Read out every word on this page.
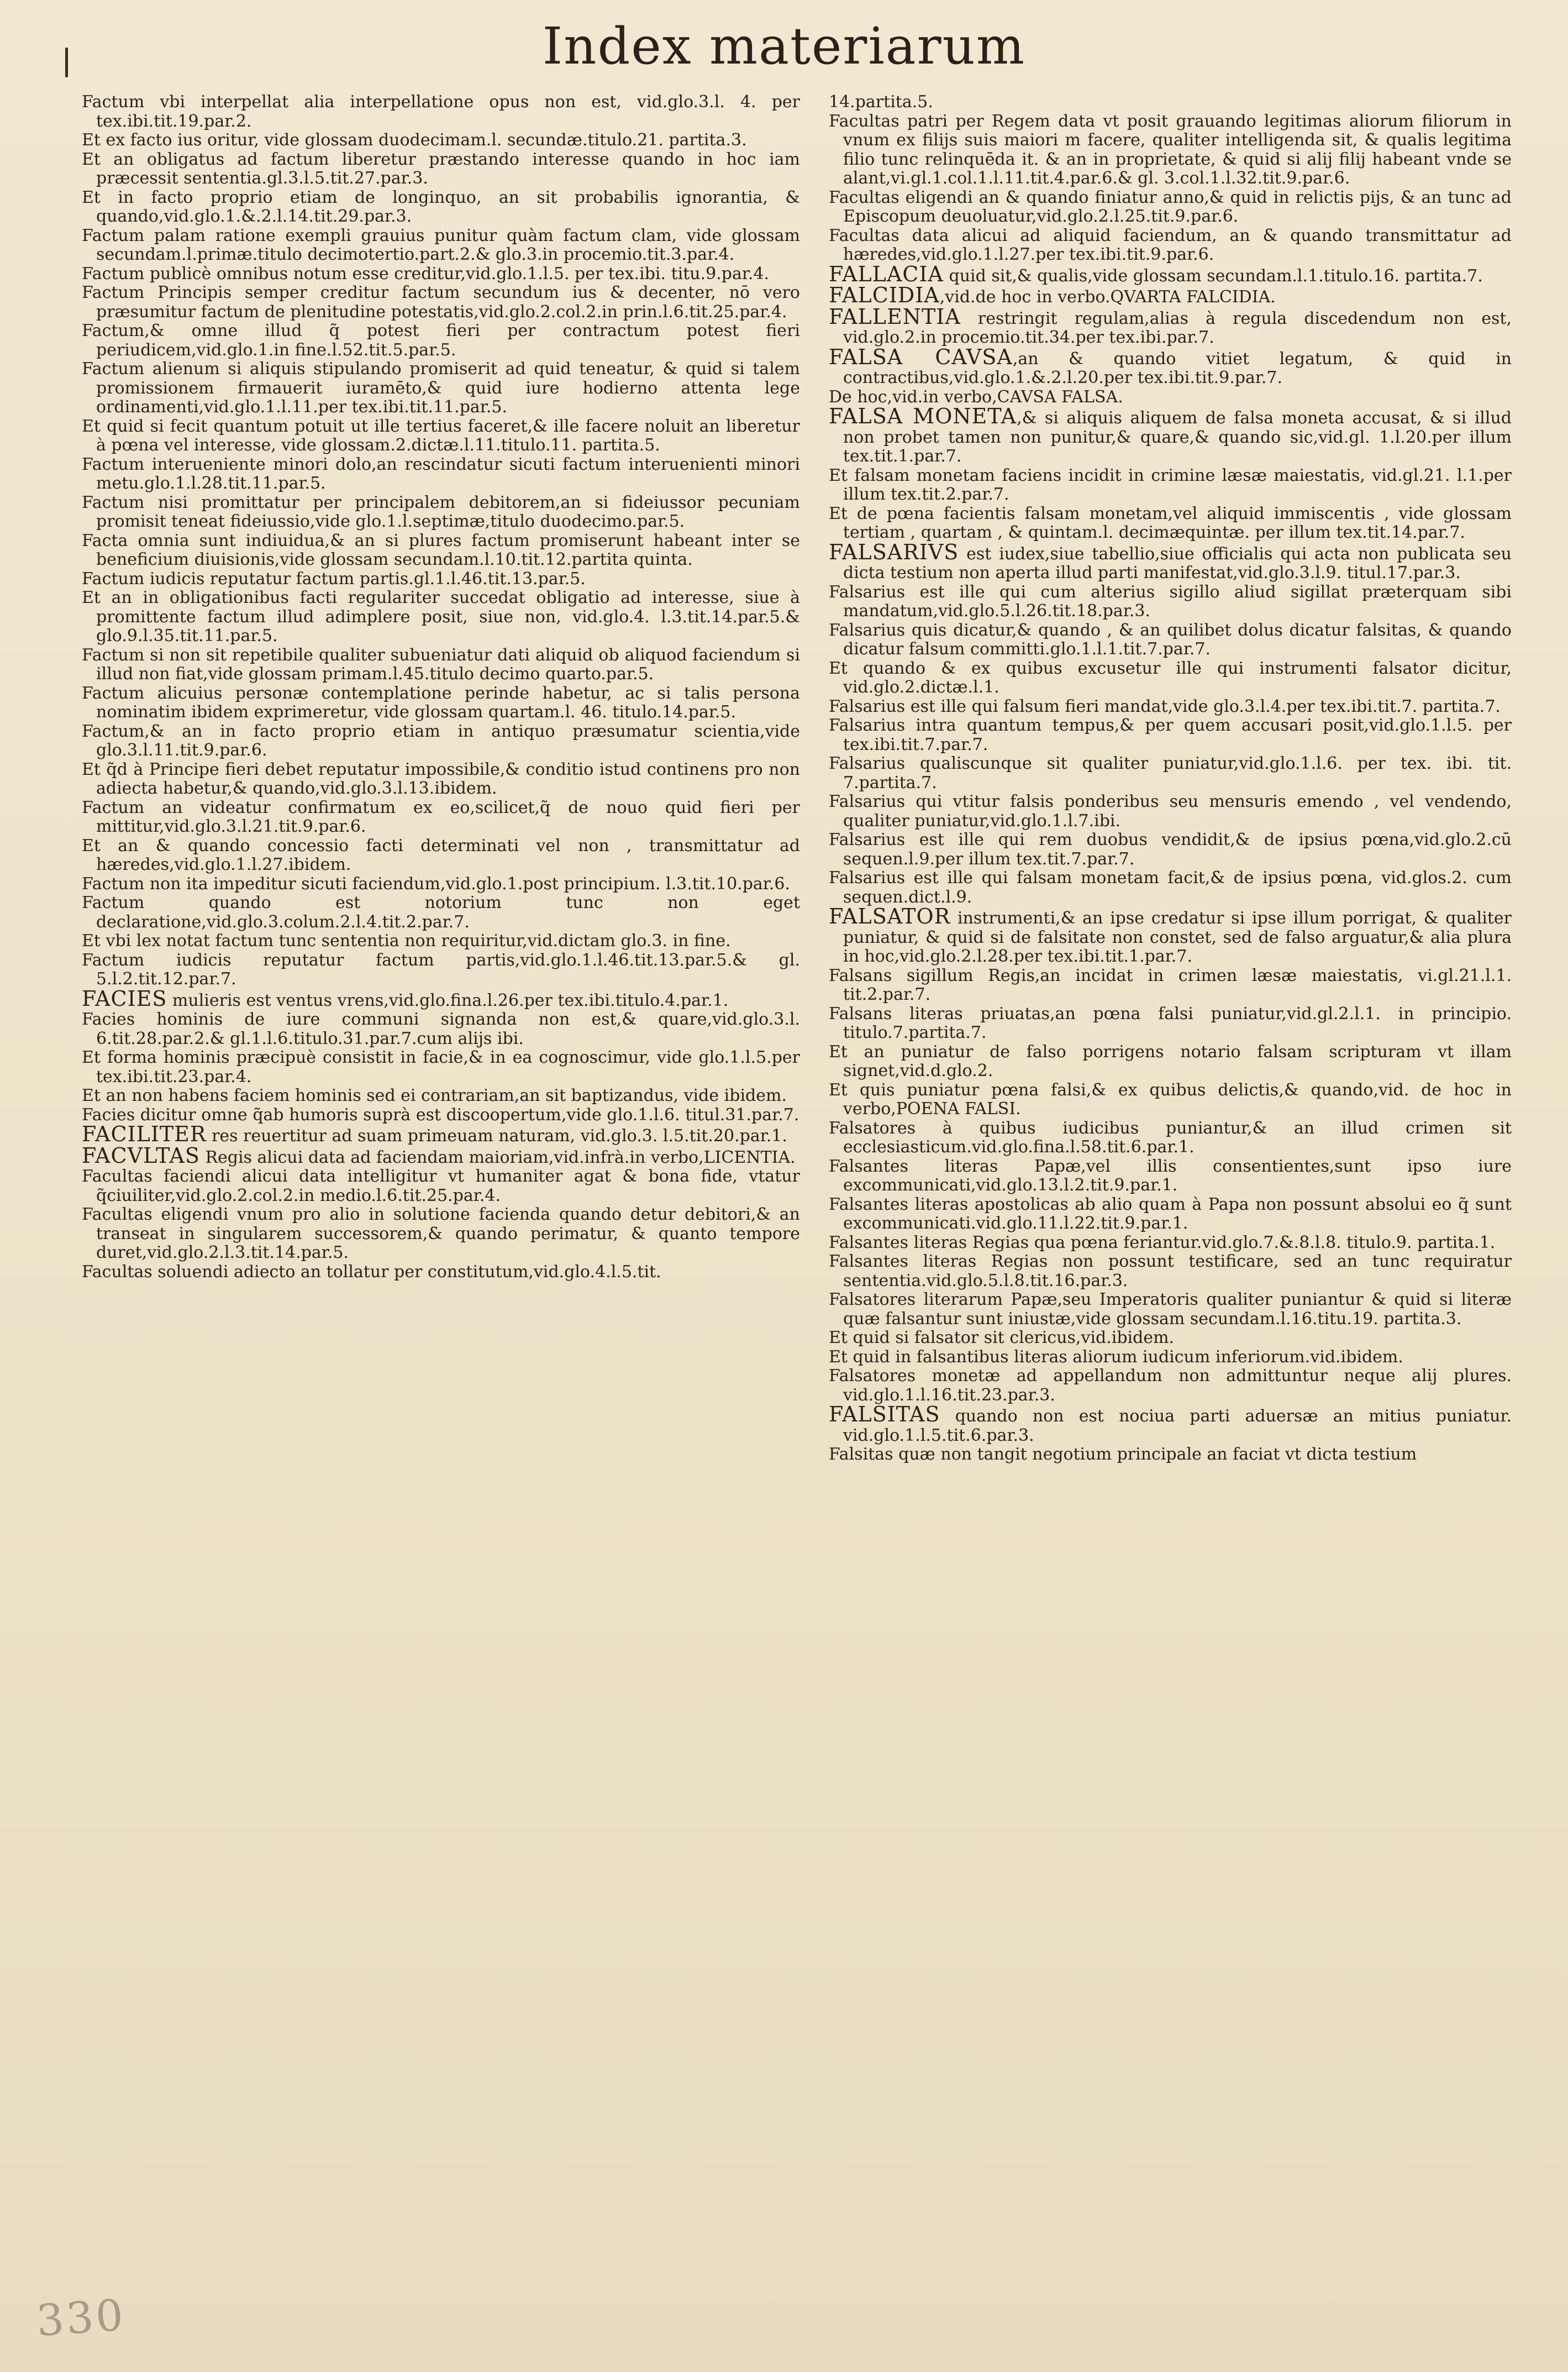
Index materiarum

Factum vbi interpellat alia interpellatione opus non est, vid.glo.3.l. 4. per tex.ibi.tit.19.par.2.

Et ex facto ius oritur, vide glossam duodecimam.l. secundæ.titulo.21. partita.3.

Et an obligatus ad factum liberetur præstando interesse quando in hoc iam præcessit sententia.gl.3.l.5.tit.27.par.3.

Et in facto proprio etiam de longinquo, an sit probabilis ignorantia, & quando,vid.glo.1.&.2.l.14.tit.29.par.3.

Factum palam ratione exempli grauius punitur quàm factum clam, vide glossam secundam.l.primæ.titulo decimotertio.part.2.& glo.3.in procemio.tit.3.par.4.

Factum publicè omnibus notum esse creditur,vid.glo.1.l.5. per tex.ibi. titu.9.par.4.

Factum Principis semper creditur factum secundum ius & decenter, nō vero præsumitur factum de plenitudine potestatis,vid.glo.2.col.2.in prin.l.6.tit.25.par.4.

Factum,& omne illud q̃ potest fieri per contractum potest fieri periudicem,vid.glo.1.in fine.l.52.tit.5.par.5.

Factum alienum si aliquis stipulando promiserit ad quid teneatur, & quid si talem promissionem firmauerit iuramēto,& quid iure hodierno attenta lege ordinamenti,vid.glo.1.l.11.per tex.ibi.tit.11.par.5.

Et quid si fecit quantum potuit ut ille tertius faceret,& ille facere noluit an liberetur à pœna vel interesse, vide glossam.2.dictæ.l.11.titulo.11. partita.5.

Factum interueniente minori dolo,an rescindatur sicuti factum interuenienti minori metu.glo.1.l.28.tit.11.par.5.

Factum nisi promittatur per principalem debitorem,an si fideiussor pecuniam promisit teneat fideiussio,vide glo.1.l.septimæ,titulo duodecimo.par.5.

Facta omnia sunt indiuidua,& an si plures factum promiserunt habeant inter se beneficium diuisionis,vide glossam secundam.l.10.tit.12.partita quinta.

Factum iudicis reputatur factum partis.gl.1.l.46.tit.13.par.5.

Et an in obligationibus facti regulariter succedat obligatio ad interesse, siue à promittente factum illud adimplere posit, siue non, vid.glo.4. l.3.tit.14.par.5.& glo.9.l.35.tit.11.par.5.

Factum si non sit repetibile qualiter subueniatur dati aliquid ob aliquod faciendum si illud non fiat,vide glossam primam.l.45.titulo decimo quarto.par.5.

Factum alicuius personæ contemplatione perinde habetur, ac si talis persona nominatim ibidem exprimeretur, vide glossam quartam.l. 46. titulo.14.par.5.

Factum,& an in facto proprio etiam in antiquo præsumatur scientia,vide glo.3.l.11.tit.9.par.6.

Et q̃d à Principe fieri debet reputatur impossibile,& conditio istud continens pro non adiecta habetur,& quando,vid.glo.3.l.13.ibidem.

Factum an videatur confirmatum ex eo,scilicet,q̃ de nouo quid fieri per mittitur,vid.glo.3.l.21.tit.9.par.6.

Et an & quando concessio facti determinati vel non , transmittatur ad hæredes,vid.glo.1.l.27.ibidem.

Factum non ita impeditur sicuti faciendum,vid.glo.1.post principium. l.3.tit.10.par.6.

Factum quando est notorium tunc non eget declaratione,vid.glo.3.colum.2.l.4.tit.2.par.7.

Et vbi lex notat factum tunc sententia non requiritur,vid.dictam glo.3. in fine.

Factum iudicis reputatur factum partis,vid.glo.1.l.46.tit.13.par.5.& gl. 5.l.2.tit.12.par.7.

FACIES mulieris est ventus vrens,vid.glo.fina.l.26.per tex.ibi.titulo.4.par.1.

Facies hominis de iure communi signanda non est,& quare,vid.glo.3.l. 6.tit.28.par.2.& gl.1.l.6.titulo.31.par.7.cum alijs ibi.

Et forma hominis præcipuè consistit in facie,& in ea cognoscimur, vide glo.1.l.5.per tex.ibi.tit.23.par.4.

Et an non habens faciem hominis sed ei contrariam,an sit baptizandus, vide ibidem.

Facies dicitur omne q̃ab humoris suprà est discoopertum,vide glo.1.l.6. titul.31.par.7.

FACILITER res reuertitur ad suam primeuam naturam, vid.glo.3. l.5.tit.20.par.1.

FACVLTAS Regis alicui data ad faciendam maioriam,vid.infrà.in verbo,LICENTIA.

Facultas faciendi alicui data intelligitur vt humaniter agat & bona fide, vtatur q̃ciuiliter,vid.glo.2.col.2.in medio.l.6.tit.25.par.4.

Facultas eligendi vnum pro alio in solutione facienda quando detur debitori,& an transeat in singularem successorem,& quando perimatur, & quanto tempore duret,vid.glo.2.l.3.tit.14.par.5.

Facultas soluendi adiecto an tollatur per constitutum,vid.glo.4.l.5.tit.

14.partita.5.

Facultas patri per Regem data vt posit grauando legitimas aliorum filiorum in vnum ex filijs suis maiori m facere, qualiter intelligenda sit, & qualis legitima filio tunc relinquēda it. & an in proprietate, & quid si alij filij habeant vnde se alant,vi.gl.1.col.1.l.11.tit.4.par.6.& gl. 3.col.1.l.32.tit.9.par.6.

Facultas eligendi an & quando finiatur anno,& quid in relictis pijs, & an tunc ad Episcopum deuoluatur,vid.glo.2.l.25.tit.9.par.6.

Facultas data alicui ad aliquid faciendum, an & quando transmittatur ad hæredes,vid.glo.1.l.27.per tex.ibi.tit.9.par.6.

FALLACIA quid sit,& qualis,vide glossam secundam.l.1.titulo.16. partita.7.

FALCIDIA,vid.de hoc in verbo.QVARTA FALCIDIA.

FALLENTIA restringit regulam,alias à regula discedendum non est, vid.glo.2.in procemio.tit.34.per tex.ibi.par.7.

FALSA CAVSA,an & quando vitiet legatum, & quid in contractibus,vid.glo.1.&.2.l.20.per tex.ibi.tit.9.par.7.

De hoc,vid.in verbo,CAVSA FALSA.

FALSA MONETA,& si aliquis aliquem de falsa moneta accusat, & si illud non probet tamen non punitur,& quare,& quando sic,vid.gl. 1.l.20.per illum tex.tit.1.par.7.

Et falsam monetam faciens incidit in crimine læsæ maiestatis, vid.gl.21. l.1.per illum tex.tit.2.par.7.

Et de pœna facientis falsam monetam,vel aliquid immiscentis , vide glossam tertiam , quartam , & quintam.l. decimæquintæ. per illum tex.tit.14.par.7.

FALSARIVS est iudex,siue tabellio,siue officialis qui acta non publicata seu dicta testium non aperta illud parti manifestat,vid.glo.3.l.9. titul.17.par.3.

Falsarius est ille qui cum alterius sigillo aliud sigillat præterquam sibi mandatum,vid.glo.5.l.26.tit.18.par.3.

Falsarius quis dicatur,& quando , & an quilibet dolus dicatur falsitas, & quando dicatur falsum committi.glo.1.l.1.tit.7.par.7.

Et quando & ex quibus excusetur ille qui instrumenti falsator dicitur, vid.glo.2.dictæ.l.1.

Falsarius est ille qui falsum fieri mandat,vide glo.3.l.4.per tex.ibi.tit.7. partita.7.

Falsarius intra quantum tempus,& per quem accusari posit,vid.glo.1.l.5. per tex.ibi.tit.7.par.7.

Falsarius qualiscunque sit qualiter puniatur,vid.glo.1.l.6. per tex. ibi. tit. 7.partita.7.

Falsarius qui vtitur falsis ponderibus seu mensuris emendo , vel vendendo, qualiter puniatur,vid.glo.1.l.7.ibi.

Falsarius est ille qui rem duobus vendidit,& de ipsius pœna,vid.glo.2.cū sequen.l.9.per illum tex.tit.7.par.7.

Falsarius est ille qui falsam monetam facit,& de ipsius pœna, vid.glos.2. cum sequen.dict.l.9.

FALSATOR instrumenti,& an ipse credatur si ipse illum porrigat, & qualiter puniatur, & quid si de falsitate non constet, sed de falso arguatur,& alia plura in hoc,vid.glo.2.l.28.per tex.ibi.tit.1.par.7.

Falsans sigillum Regis,an incidat in crimen læsæ maiestatis, vi.gl.21.l.1. tit.2.par.7.

Falsans literas priuatas,an pœna falsi puniatur,vid.gl.2.l.1. in principio. titulo.7.partita.7.

Et an puniatur de falso porrigens notario falsam scripturam vt illam signet,vid.d.glo.2.

Et quis puniatur pœna falsi,& ex quibus delictis,& quando,vid. de hoc in verbo,POENA FALSI.

Falsatores à quibus iudicibus puniantur,& an illud crimen sit ecclesiasticum.vid.glo.fina.l.58.tit.6.par.1.

Falsantes literas Papæ,vel illis consentientes,sunt ipso iure excommunicati,vid.glo.13.l.2.tit.9.par.1.

Falsantes literas apostolicas ab alio quam à Papa non possunt absolui eo q̃ sunt excommunicati.vid.glo.11.l.22.tit.9.par.1.

Falsantes literas Regias qua pœna feriantur.vid.glo.7.&.8.l.8. titulo.9. partita.1.

Falsantes literas Regias non possunt testificare, sed an tunc requiratur sententia.vid.glo.5.l.8.tit.16.par.3.

Falsatores literarum Papæ,seu Imperatoris qualiter puniantur & quid si literæ quæ falsantur sunt iniustæ,vide glossam secundam.l.16.titu.19. partita.3.

Et quid si falsator sit clericus,vid.ibidem.

Et quid in falsantibus literas aliorum iudicum inferiorum.vid.ibidem.

Falsatores monetæ ad appellandum non admittuntur neque alij plures. vid.glo.1.l.16.tit.23.par.3.

FALSITAS quando non est nociua parti aduersæ an mitius puniatur. vid.glo.1.l.5.tit.6.par.3.

Falsitas quæ non tangit negotium principale an faciat vt dicta testium

330
